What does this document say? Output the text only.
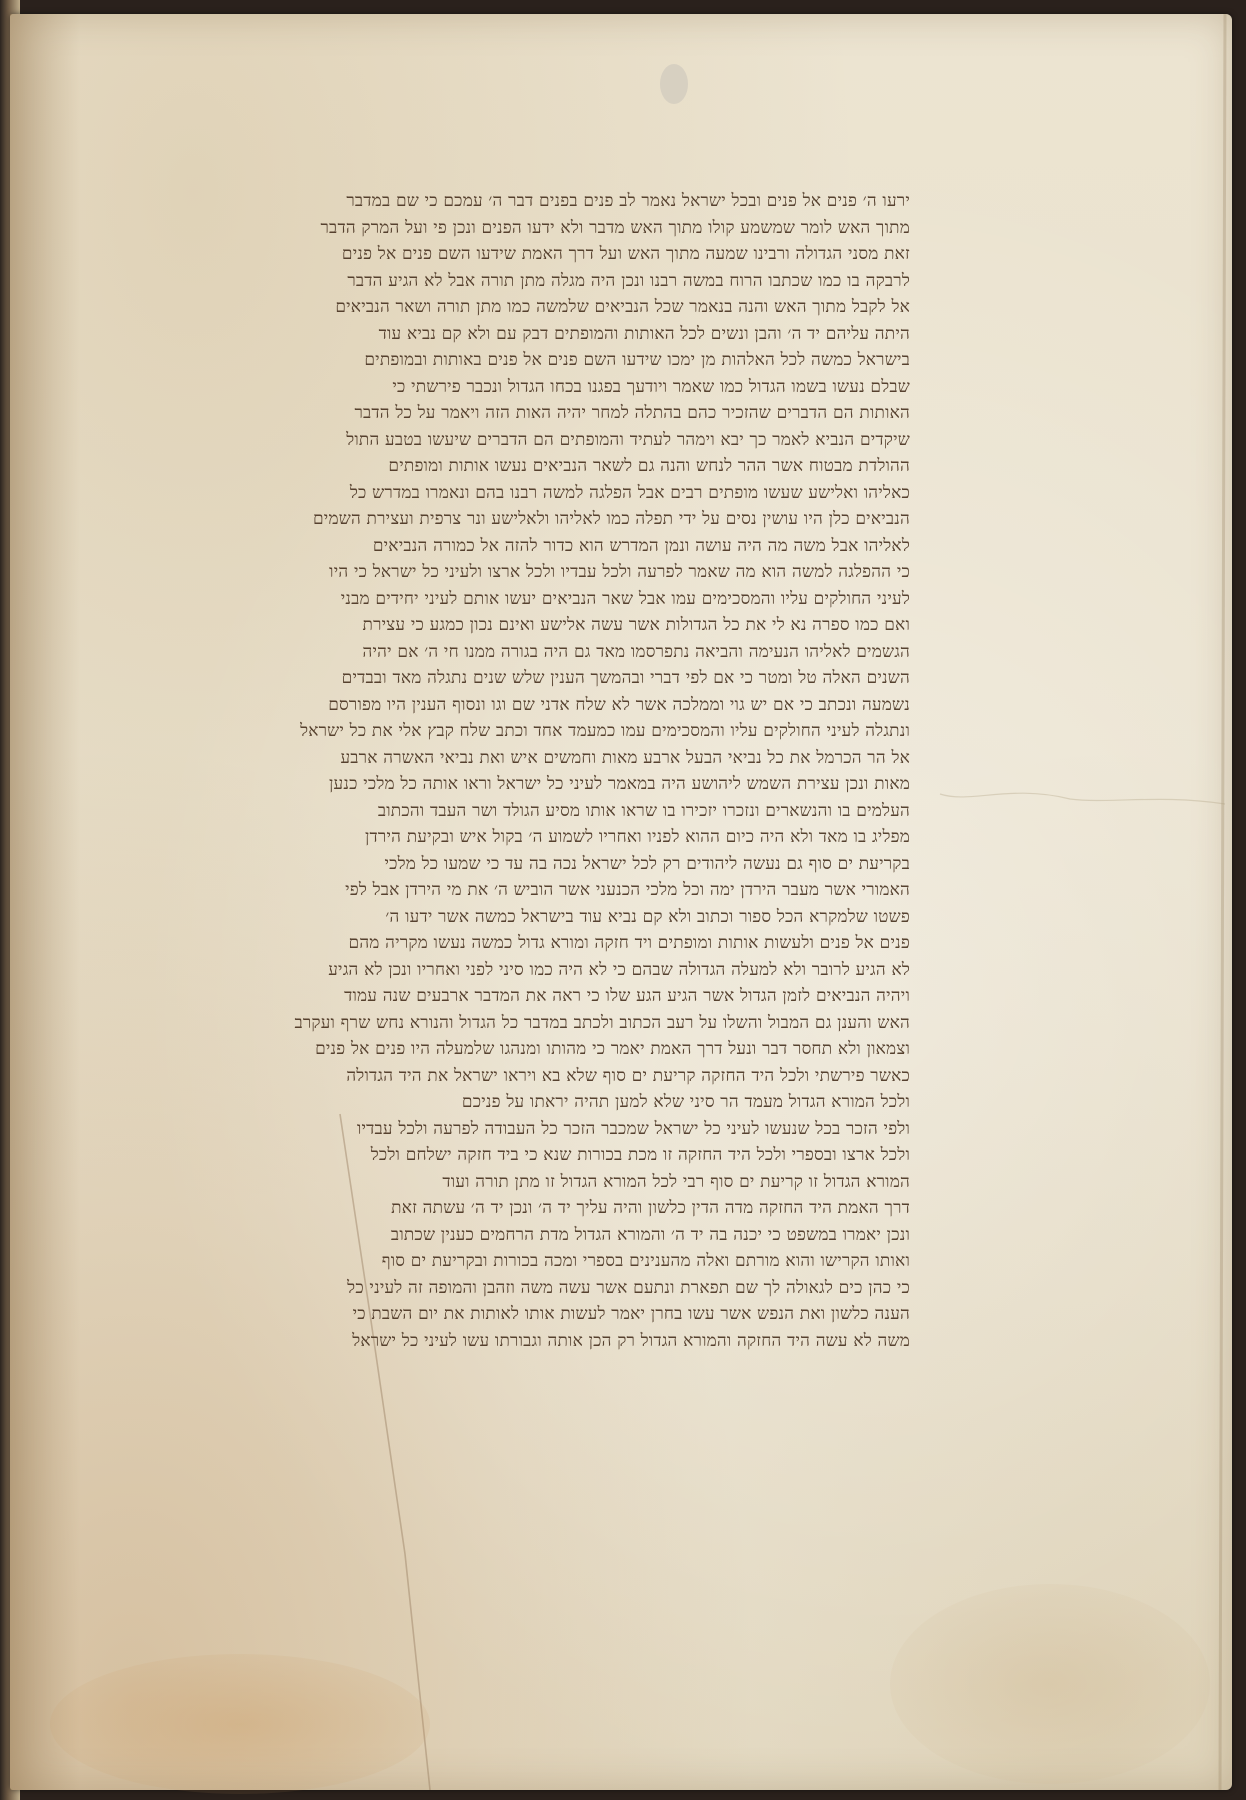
ירעו ה׳ פנים אל פנים ובכל ישראל נאמר לב פנים בפנים דבר ה׳ עמכם כי שם במדבר
מתוך האש לומר שמשמע קולו מתוך האש מדבר ולא ידעו הפנים ונכן פי ועל המרק הדבר
זאת מסני הגדולה ורבינו שמעה מתוך האש ועל דרך האמת שידעו השם פנים אל פנים
לרבקה בו כמו שכתבו הרוח במשה רבנו ונכן היה מגלה מתן תורה אבל לא הגיע הדבר
אל לקבל מתוך האש והנה בנאמר שכל הנביאים שלמשה כמו מתן תורה ושאר הנביאים
היתה עליהם יד ה׳ והבן ונשים לכל האותות והמופתים דבק עם ולא קם נביא עוד
בישראל כמשה לכל האלהות מן ימכו שידעו השם פנים אל פנים באותות ובמופתים
שבלם נעשו בשמו הגדול כמו שאמר ויודעך בפגנו בכחו הגדול ונכבר פירשתי כי
האותות הם הדברים שהזכיר כהם בהתלה למחר יהיה האות הזה ויאמר על כל הדבר
שיקדים הנביא לאמר כך יבא וימהר לעתיד והמופתים הם הדברים שיעשו בטבע התול
ההולדת מבטוח אשר ההר לנחש והנה גם לשאר הנביאים נעשו אותות ומופתים
כאליהו ואלישע שעשו מופתים רבים אבל הפלגה למשה רבנו בהם ונאמרו במדרש כל
הנביאים כלן היו עושין נסים על ידי תפלה כמו לאליהו ולאלישע ונר צרפית ועצירת השמים
לאליהו אבל משה מה היה עושה ונמן המדרש הוא כדור להזה אל כמורה הנביאים
כי ההפלגה למשה הוא מה שאמר לפרעה ולכל עבדיו ולכל ארצו ולעיני כל ישראל כי היו
לעיני החולקים עליו והמסכימים עמו אבל שאר הנביאים יעשו אותם לעיני יחידים מבני
ואם כמו ספרה נא לי את כל הגדולות אשר עשה אלישע ואינם נכון כמגע כי עצירת
הגשמים לאליהו הנעימה והביאה נתפרסמו מאד גם היה בגורה ממנו חי ה׳ אם יהיה
השנים האלה טל ומטר כי אם לפי דברי ובהמשך הענין שלש שנים נתגלה מאד ובבדים
נשמעה ונכתב כי אם יש גוי וממלכה אשר לא שלח אדני שם וגו ונסוף הענין היו מפורסם
ונתגלה לעיני החולקים עליו והמסכימים עמו כמעמד אחד וכתב שלח קבץ אלי את כל ישראל
אל הר הכרמל את כל נביאי הבעל ארבע מאות וחמשים איש ואת נביאי האשרה ארבע
מאות ונכן עצירת השמש ליהושע היה במאמר לעיני כל ישראל וראו אותה כל מלכי כנען
העלמים בו והנשארים ונזכרו יזכירו בו שראו אותו מסיע הגולד ושר העבד והכתוב
מפליג בו מאד ולא היה כיום ההוא לפניו ואחריו לשמוע ה׳ בקול איש ובקיעת הירדן
בקריעת ים סוף גם נעשה ליהודים רק לכל ישראל נכה בה עד כי שמעו כל מלכי
האמורי אשר מעבר הירדן ימה וכל מלכי הכנעני אשר הוביש ה׳ את מי הירדן אבל לפי
פשטו שלמקרא הכל ספור וכתוב ולא קם נביא עוד בישראל כמשה אשר ידעו ה׳
פנים אל פנים ולעשות אותות ומופתים ויד חזקה ומורא גדול כמשה נעשו מקריה מהם
לא הגיע לרובר ולא למעלה הגדולה שבהם כי לא היה כמו סיני לפני ואחריו ונכן לא הגיע
ויהיה הנביאים לזמן הגדול אשר הגיע הגע שלו כי ראה את המדבר ארבעים שנה עמוד
האש והענן גם המבול והשלו על רעב הכתוב ולכתב במדבר כל הגדול והנורא נחש שרף ועקרב
וצמאון ולא תחסר דבר ונעל דרך האמת יאמר כי מהותו ומנהגו שלמעלה היו פנים אל פנים
כאשר פירשתי ולכל היד החזקה קריעת ים סוף שלא בא ויראו ישראל את היד הגדולה
ולכל המורא הגדול מעמד הר סיני שלא למען תהיה יראתו על פניכם
ולפי הזכר בכל שנעשו לעיני כל ישראל שמכבר הזכר כל העבודה לפרעה ולכל עבדיו
ולכל ארצו ובספרי ולכל היד החזקה זו מכת בכורות שנא כי ביד חזקה ישלחם ולכל
המורא הגדול זו קריעת ים סוף רבי לכל המורא הגדול זו מתן תורה ועוד
דרך האמת היד החזקה מדה הדין כלשון והיה עליך יד ה׳ ונכן יד ה׳ עשתה זאת
ונכן יאמרו במשפט כי יכנה בה יד ה׳ והמורא הגדול מדת הרחמים כענין שכתוב
ואותו הקרישו והוא מורתם ואלה מהענינים בספרי ומכה בכורות ובקריעת ים סוף
כי כהן כים לגאולה לך שם תפארת ונתעם אשר עשה משה וזהבן והמופה זה לעיני כל
הענה כלשון ואת הנפש אשר עשו בחרן יאמר לעשות אותו לאותות את יום השבת כי
משה לא עשה היד החזקה והמורא הגדול רק הכן אותה וגבורתו עשו לעיני כל ישראל
